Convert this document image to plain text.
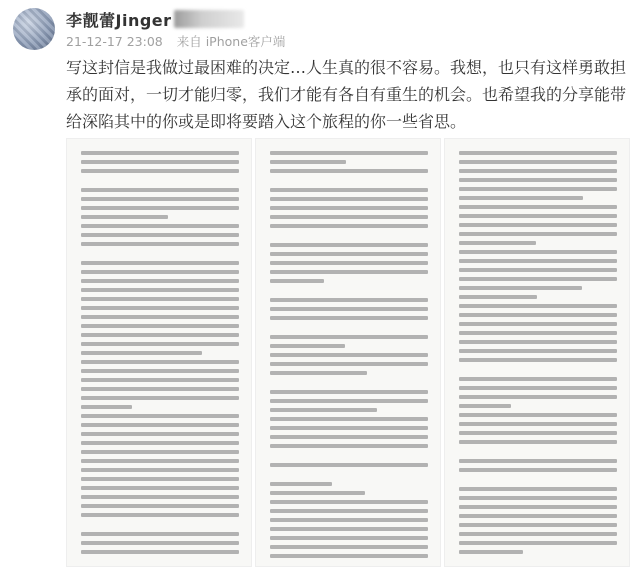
李靓蕾Jinger
21-12-17 23:08 来自 iPhone客户端
写这封信是我做过最困难的决定…人生真的很不容易。我想，也只有这样勇敢担承的面对，一切才能归零，我们才能有各自有重生的机会。也希望我的分享能带给深陷其中的你或是即将要踏入这个旅程的你一些省思。
